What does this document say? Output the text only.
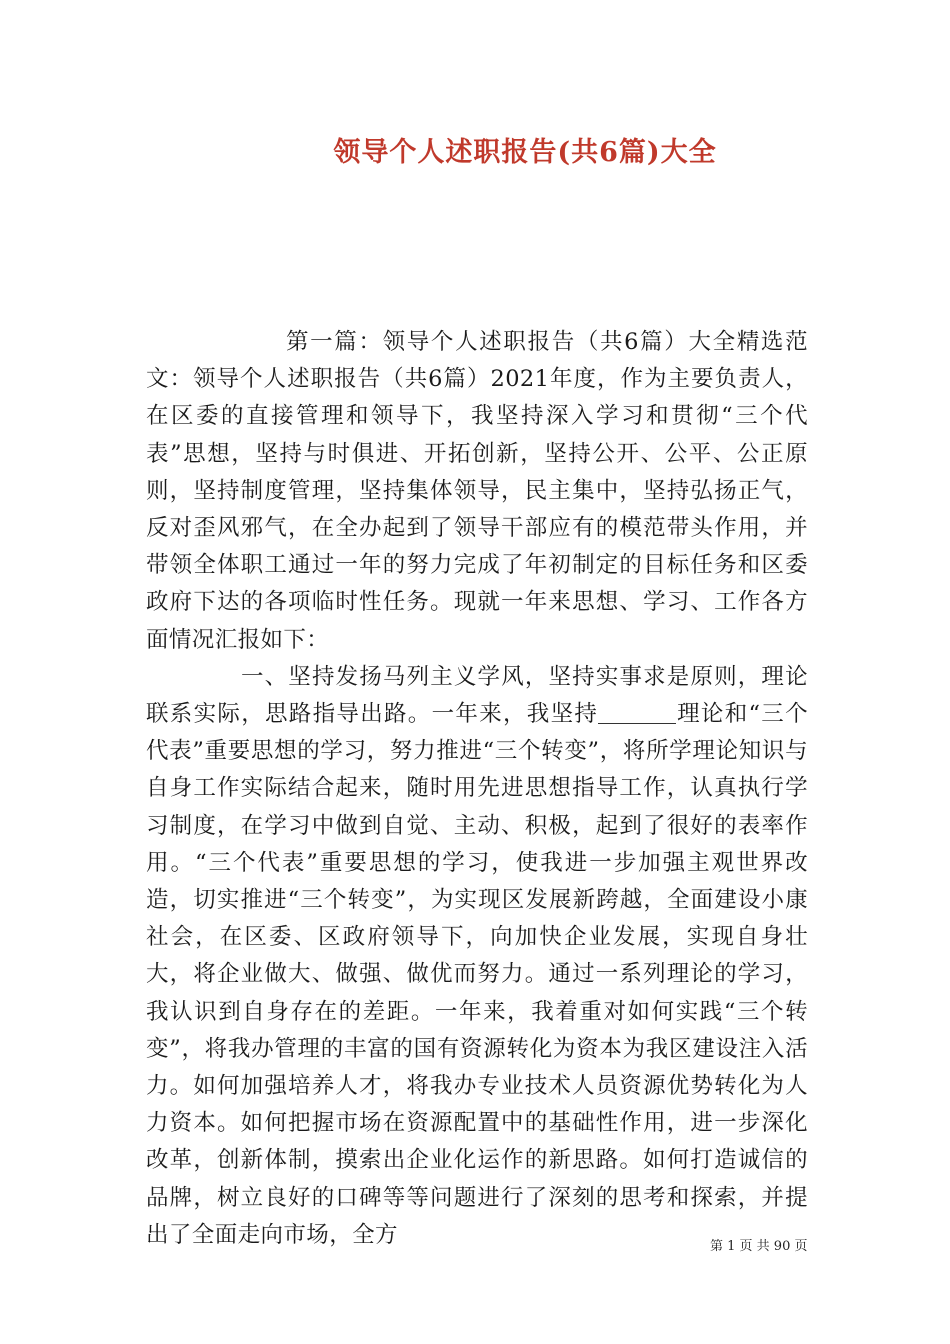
领导个人述职报告(共6篇)大全

第一篇：领导个人述职报告（共6篇）大全精选范文：领导个人述职报告（共6篇）2021年度，作为主要负责人，在区委的直接管理和领导下，我坚持深入学习和贯彻“三个代表”思想，坚持与时俱进、开拓创新，坚持公开、公平、公正原则，坚持制度管理，坚持集体领导，民主集中，坚持弘扬正气，反对歪风邪气，在全办起到了领导干部应有的模范带头作用，并带领全体职工通过一年的努力完成了年初制定的目标任务和区委政府下达的各项临时性任务。现就一年来思想、学习、工作各方面情况汇报如下：

一、坚持发扬马列主义学风，坚持实事求是原则，理论联系实际，思路指导出路。一年来，我坚持	理论和“三个代表”重要思想的学习，努力推进“三个转变”，将所学理论知识与自身工作实际结合起来，随时用先进思想指导工作，认真执行学习制度，在学习中做到自觉、主动、积极，起到了很好的表率作用。“三个代表”重要思想的学习，使我进一步加强主观世界改造，切实推进“三个转变”，为实现区发展新跨越，全面建设小康社会，在区委、区政府领导下，向加快企业发展，实现自身壮大，将企业做大、做强、做优而努力。通过一系列理论的学习，我认识到自身存在的差距。一年来，我着重对如何实践“三个转变”，将我办管理的丰富的国有资源转化为资本为我区建设注入活力。如何加强培养人才，将我办专业技术人员资源优势转化为人力资本。如何把握市场在资源配置中的基础性作用，进一步深化改革，创新体制，摸索出企业化运作的新思路。如何打造诚信的品牌，树立良好的口碑等等问题进行了深刻的思考和探索，并提出了全面走向市场，全方	第 1 页 共 90 页
